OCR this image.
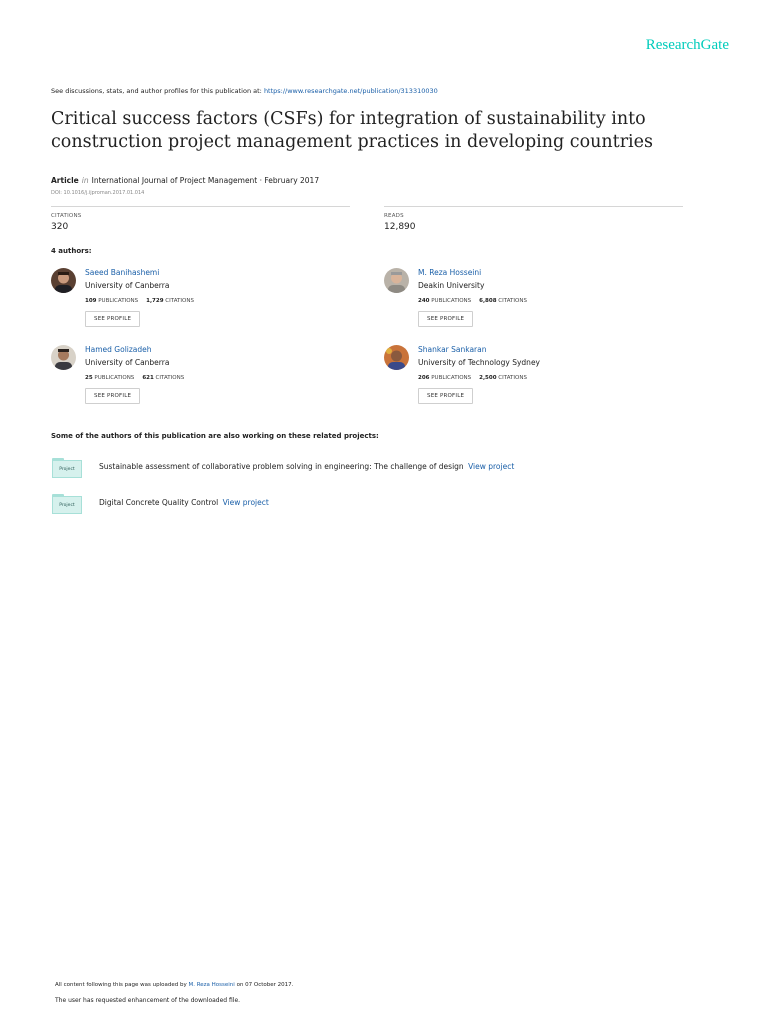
ResearchGate
See discussions, stats, and author profiles for this publication at: https://www.researchgate.net/publication/313310030
Critical success factors (CSFs) for integration of sustainability into construction project management practices in developing countries
Article in International Journal of Project Management · February 2017
DOI: 10.1016/j.ijproman.2017.01.014
CITATIONS
320
READS
12,890
4 authors:
Saeed Banihashemi
University of Canberra
109 PUBLICATIONS 1,729 CITATIONS
SEE PROFILE
M. Reza Hosseini
Deakin University
240 PUBLICATIONS 6,808 CITATIONS
SEE PROFILE
Hamed Golizadeh
University of Canberra
25 PUBLICATIONS 621 CITATIONS
SEE PROFILE
Shankar Sankaran
University of Technology Sydney
206 PUBLICATIONS 2,500 CITATIONS
SEE PROFILE
Some of the authors of this publication are also working on these related projects:
Project	Sustainable assessment of collaborative problem solving in engineering: The challenge of design View project
Project	Digital Concrete Quality Control View project
All content following this page was uploaded by M. Reza Hosseini on 07 October 2017.
The user has requested enhancement of the downloaded file.
